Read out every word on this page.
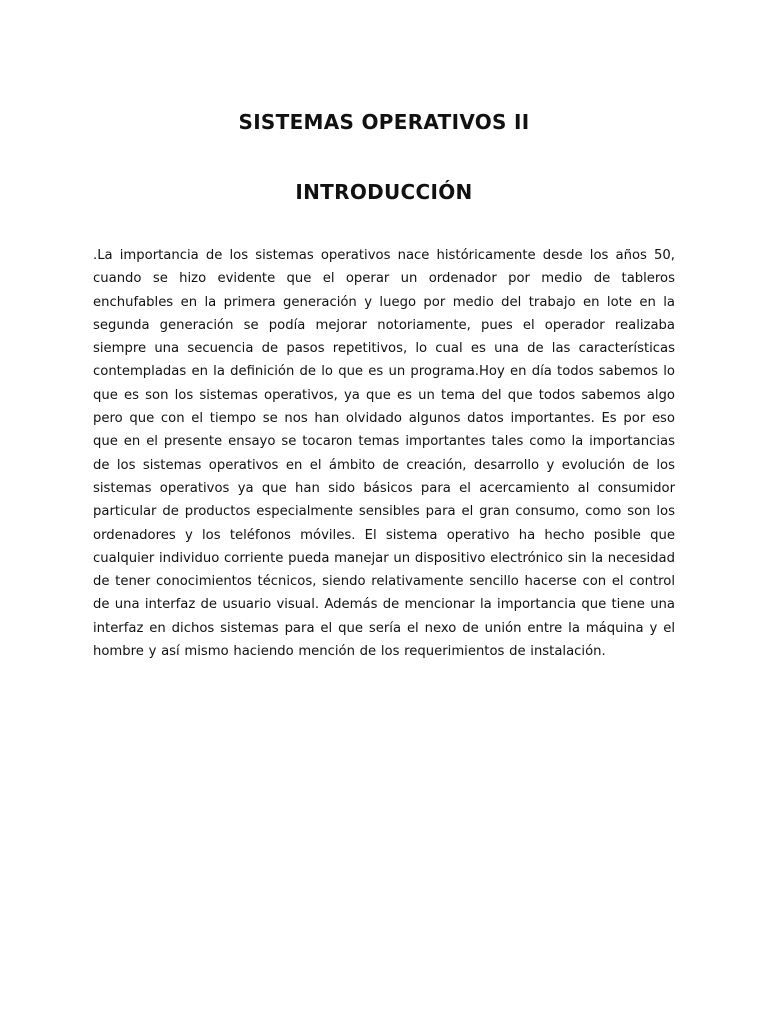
SISTEMAS OPERATIVOS II
INTRODUCCIÓN

.La importancia de los sistemas operativos nace históricamente desde los años 50, cuando se hizo evidente que el operar un ordenador por medio de tableros enchufables en la primera generación y luego por medio del trabajo en lote en la segunda generación se podía mejorar notoriamente, pues el operador realizaba siempre una secuencia de pasos repetitivos, lo cual es una de las características contempladas en la definición de lo que es un programa.Hoy en día todos sabemos lo que es son los sistemas operativos, ya que es un tema del que todos sabemos algo pero que con el tiempo se nos han olvidado algunos datos importantes. Es por eso que en el presente ensayo se tocaron temas importantes tales como la importancias de los sistemas operativos en el ámbito de creación, desarrollo y evolución de los sistemas operativos ya que han sido básicos para el acercamiento al consumidor particular de productos especialmente sensibles para el gran consumo, como son los ordenadores y los teléfonos móviles. El sistema operativo ha hecho posible que cualquier individuo corriente pueda manejar un dispositivo electrónico sin la necesidad de tener conocimientos técnicos, siendo relativamente sencillo hacerse con el control de una interfaz de usuario visual. Además de mencionar la importancia que tiene una interfaz en dichos sistemas para el que sería el nexo de unión entre la máquina y el hombre y así mismo haciendo mención de los requerimientos de instalación.
